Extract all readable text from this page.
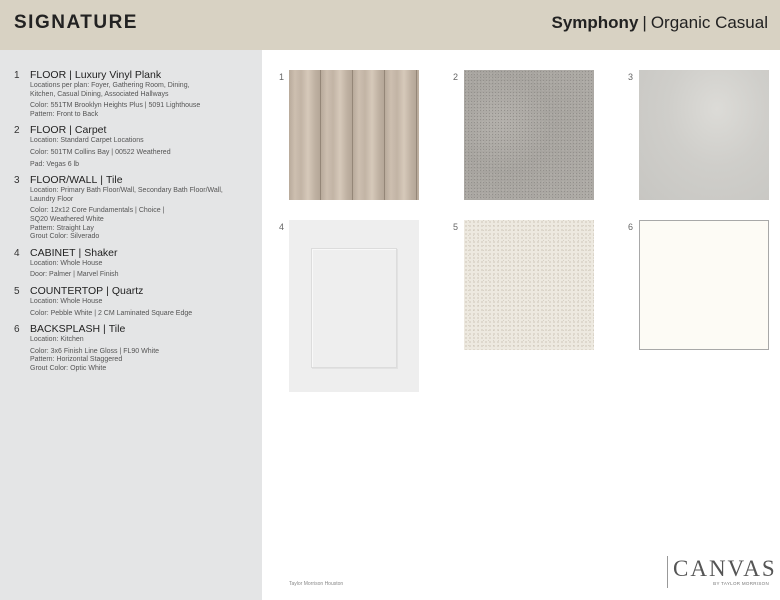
SIGNATURE	Symphony | Organic Casual
1 FLOOR | Luxury Vinyl Plank
Locations per plan: Foyer, Gathering Room, Dining,
Kitchen, Casual Dining, Associated Hallways
Color: 551TM Brooklyn Heights Plus | 5091 Lighthouse
Pattern: Front to Back
2 FLOOR | Carpet
Location: Standard Carpet Locations
Color: 501TM Collins Bay | 00522 Weathered
Pad: Vegas 6 lb
3 FLOOR/WALL | Tile
Location: Primary Bath Floor/Wall, Secondary Bath Floor/Wall,
Laundry Floor
Color: 12x12 Core Fundamentals | Choice |
SQ20 Weathered White
Pattern: Straight Lay
Grout Color: Silverado
4 CABINET | Shaker
Location: Whole House
Door: Palmer | Marvel Finish
5 COUNTERTOP | Quartz
Location: Whole House
Color: Pebble White | 2 CM Laminated Square Edge
6 BACKSPLASH | Tile
Location: Kitchen
Color: 3x6 Finish Line Gloss | FL90 White
Pattern: Horizontal Staggered
Grout Color: Optic White
1	2	3
4	5	6
Taylor Morrison Houston
CANVAS
BY TAYLOR MORRISON
